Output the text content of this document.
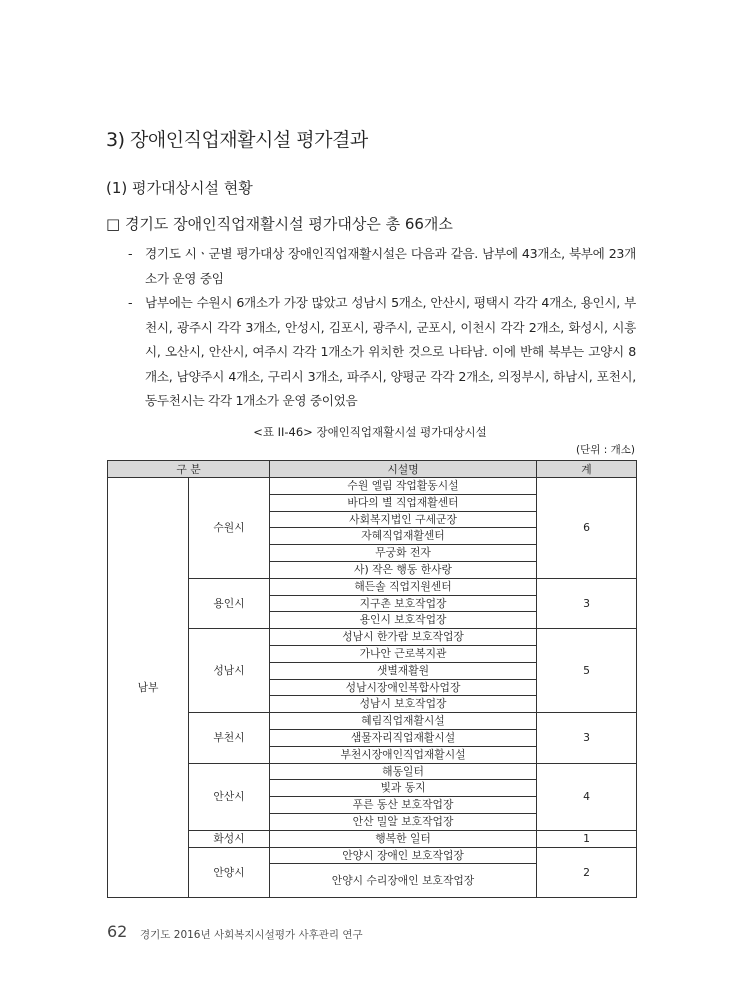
3) 장애인직업재활시설 평가결과
(1) 평가대상시설 현황
□ 경기도 장애인직업재활시설 평가대상은 총 66개소
-	경기도 시ㆍ군별 평가대상 장애인직업재활시설은 다음과 같음. 남부에 43개소, 북부에 23개소가 운영 중임
-	남부에는 수원시 6개소가 가장 많았고 성남시 5개소, 안산시, 평택시 각각 4개소, 용인시, 부천시, 광주시 각각 3개소, 안성시, 김포시, 광주시, 군포시, 이천시 각각 2개소, 화성시, 시흥시, 오산시, 안산시, 여주시 각각 1개소가 위치한 것으로 나타남. 이에 반해 북부는 고양시 8개소, 남양주시 4개소, 구리시 3개소, 파주시, 양평군 각각 2개소, 의정부시, 하남시, 포천시, 동두천시는 각각 1개소가 운영 중이었음
<표 II-46> 장애인직업재활시설 평가대상시설
(단위 : 개소)
구 분		시설명	계
남부	수원시	수원 엘림 작업활동시설	6
		바다의 별 직업재활센터	
		사회복지법인 구세군장	
		자혜직업재활센터	
		무궁화 전자	
		사) 작은 행동 한사랑	
	용인시	해든솔 직업지원센터	3
		지구촌 보호작업장	
		용인시 보호작업장	
	성남시	성남시 한가람 보호작업장	5
		가나안 근로복지관	
		샛별재활원	
		성남시장애인복합사업장	
		성남시 보호작업장	
	부천시	혜림직업재활시설	3
		샘물자리직업재활시설	
		부천시장애인직업재활시설	
	안산시	해동일터	4
		빛과 동지	
		푸른 동산 보호작업장	
		안산 밀알 보호작업장	
	화성시	행복한 일터	1
	안양시	안양시 장애인 보호작업장	2
		안양시 수리장애인 보호작업장	
62 경기도 2016년 사회복지시설평가 사후관리 연구
